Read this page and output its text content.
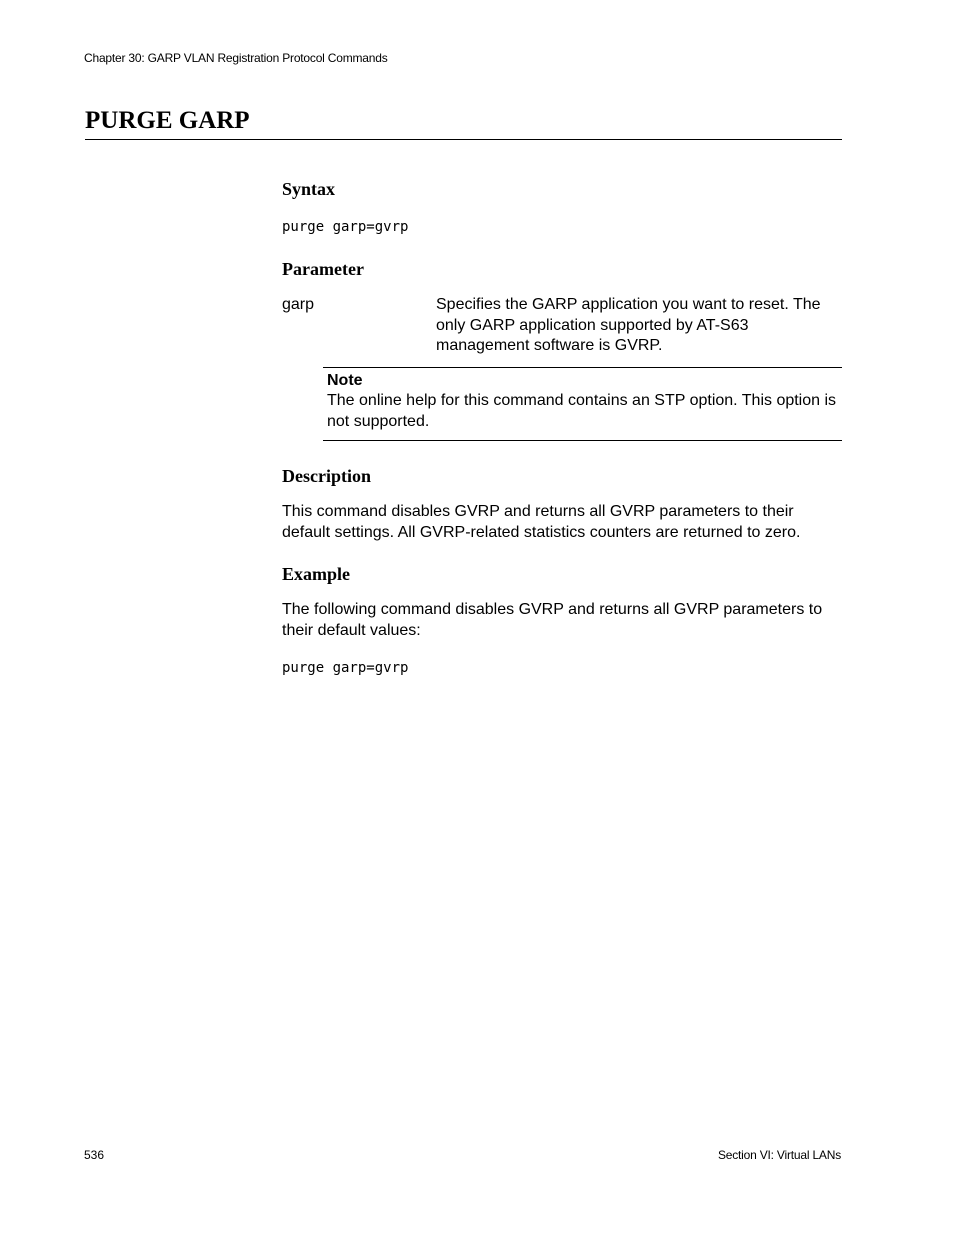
Chapter 30: GARP VLAN Registration Protocol Commands
PURGE GARP
Syntax
purge garp=gvrp
Parameter
garp	Specifies the GARP application you want to reset. The only GARP application supported by AT-S63 management software is GVRP.
Note
The online help for this command contains an STP option. This option is not supported.
Description

This command disables GVRP and returns all GVRP parameters to their default settings. All GVRP-related statistics counters are returned to zero.

Example

The following command disables GVRP and returns all GVRP parameters to their default values:

purge garp=gvrp
536	Section VI: Virtual LANs
